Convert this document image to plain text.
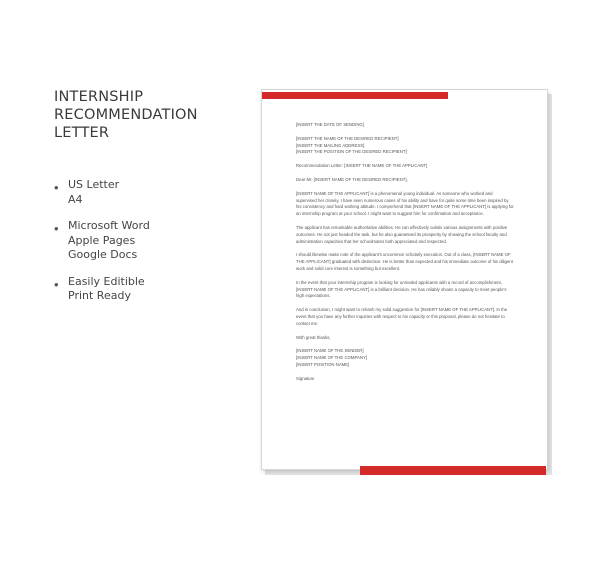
INTERNSHIP
RECOMMENDATION LETTER
• US Letter
A4
• Microsoft Word
Apple Pages
Google Docs
• Easily Editible
Print Ready

[INSERT THE DATE OF SENDING]

[INSERT THE NAME OF THE DESIRED RECIPIENT]
[INSERT THE MAILING ADDRESS]
[INSERT THE POSITION OF THE DESIRED RECIPIENT]

Recommendation Letter: [INSERT THE NAME OF THE APPLICANT]

Dear Mr. [INSERT NAME OF THE DESIRED RECIPIENT],

[INSERT NAME OF THE APPLICANT] is a phenomenal young individual. As someone who worked and supervised her closely, I have seen numerous cases of his ability and have for quite some time been inspired by his consistency and hard working attitude. I comprehend that [INSERT NAME OF THE APPLICANT] is applying for an internship program at your school. I might want to suggest him for confirmation and acceptance.

The applicant has remarkable authoritative abilities. He can effectively oulstiv various assignments with positive outcomes. He not just headed the task, but he also guaranteed its prosperity by showing the school faculty and administration capacities that her schoolmates both appreciated and respected.

I should likewise make note of the applicant's uncommon scholarly execution. Out of a class, [INSERT NAME OF THE APPLICANT] graduated with distinction. He is better than expected and his immediate outcome of his diligent work and solid core interest is something but excellent.

In the event that your internship program is looking for unrivaled applicants with a record of accomplishment, [INSERT NAME OF THE APPLICANT] is a brilliant decision. He has reliably shown a capacity to meet people's high expectations.

And in conclusion, I might want to rehash my solid suggestion for [INSERT NAME OF THE APPLICANT]. In the event that you have any further inquiries with respect to his capacity or this proposal, please do not hesitate to contact me.

With great thanks,

[INSERT NAME OF THE SENDER]
[INSERT NAME OF THE COMPANY]
[INSERT POSITION NAME]

Signature
